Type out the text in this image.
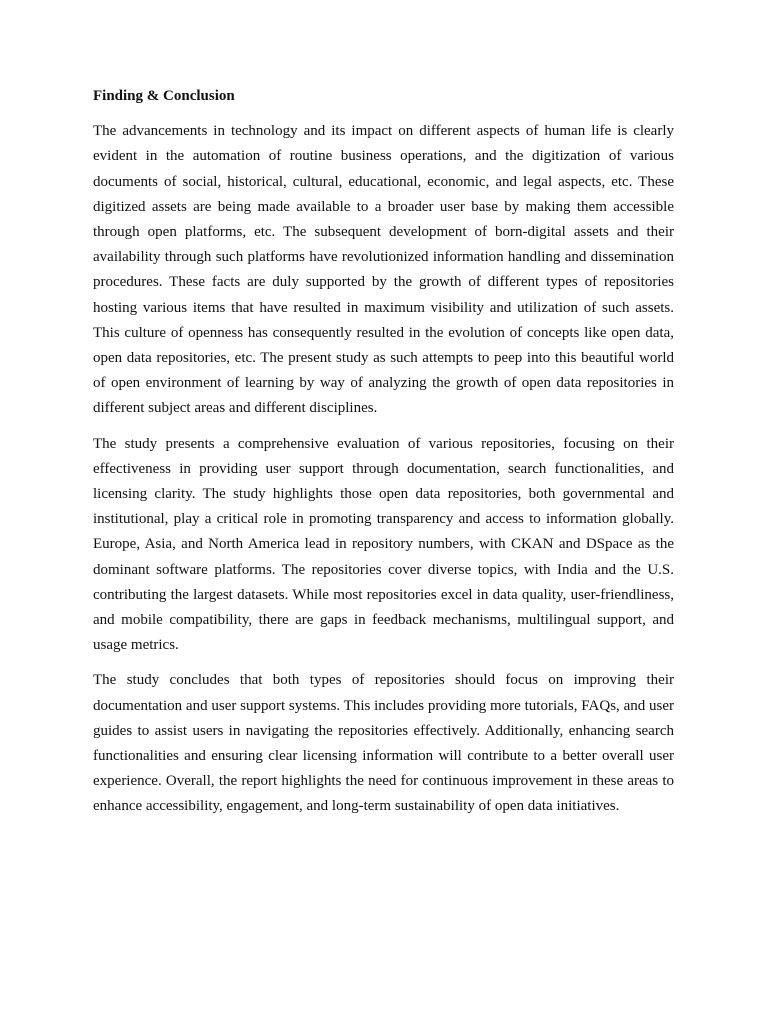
Finding & Conclusion

The advancements in technology and its impact on different aspects of human life is clearly evident in the automation of routine business operations, and the digitization of various documents of social, historical, cultural, educational, economic, and legal aspects, etc. These digitized assets are being made available to a broader user base by making them accessible through open platforms, etc. The subsequent development of born-digital assets and their availability through such platforms have revolutionized information handling and dissemination procedures. These facts are duly supported by the growth of different types of repositories hosting various items that have resulted in maximum visibility and utilization of such assets. This culture of openness has consequently resulted in the evolution of concepts like open data, open data repositories, etc. The present study as such attempts to peep into this beautiful world of open environment of learning by way of analyzing the growth of open data repositories in different subject areas and different disciplines.

The study presents a comprehensive evaluation of various repositories, focusing on their effectiveness in providing user support through documentation, search functionalities, and licensing clarity. The study highlights those open data repositories, both governmental and institutional, play a critical role in promoting transparency and access to information globally. Europe, Asia, and North America lead in repository numbers, with CKAN and DSpace as the dominant software platforms. The repositories cover diverse topics, with India and the U.S. contributing the largest datasets. While most repositories excel in data quality, user-friendliness, and mobile compatibility, there are gaps in feedback mechanisms, multilingual support, and usage metrics.

The study concludes that both types of repositories should focus on improving their documentation and user support systems. This includes providing more tutorials, FAQs, and user guides to assist users in navigating the repositories effectively. Additionally, enhancing search functionalities and ensuring clear licensing information will contribute to a better overall user experience. Overall, the report highlights the need for continuous improvement in these areas to enhance accessibility, engagement, and long-term sustainability of open data initiatives.
